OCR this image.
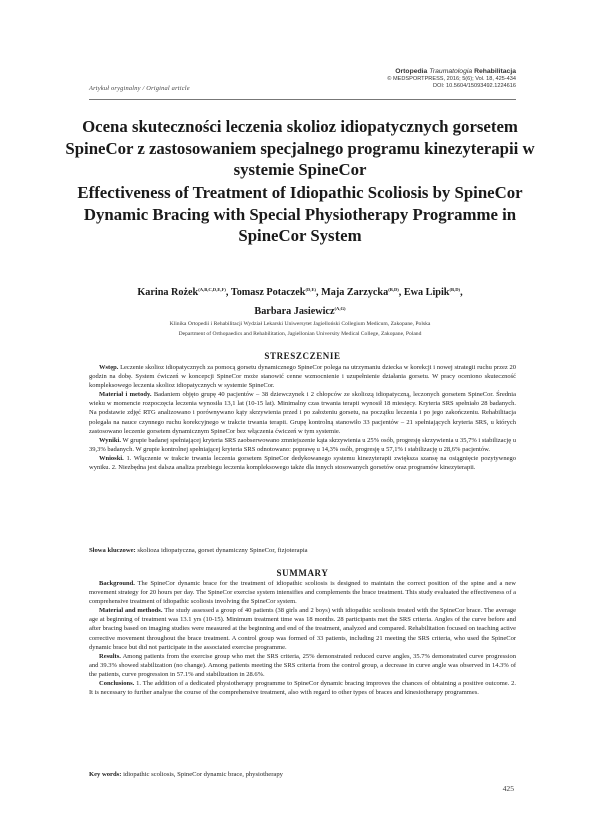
Artykuł oryginalny / Original article
Ortopedia Traumatologia Rehabilitacja
© MEDSPORTPRESS, 2016; 5(6); Vol. 18, 425-434
DOI: 10.5604/15093492.1224616
Ocena skuteczności leczenia skolioz idiopatycznych gorsetem SpineCor z zastosowaniem specjalnego programu kinezyterapii w systemie SpineCor
Effectiveness of Treatment of Idiopathic Scoliosis by SpineCor Dynamic Bracing with Special Physiotherapy Programme in SpineCor System
Karina Rożek$^{(A,B,C,D,E,F)}$, Tomasz Potaczek$^{(D,E)}$, Maja Zarzycka$^{(B,D)}$, Ewa Lipik$^{(B,D)}$,
Barbara Jasiewicz$^{(A,G)}$
Klinika Ortopedii i Rehabilitacji Wydział Lekarski Uniwersytet Jagielloński Collegium Medicum, Zakopane, Polska
Department of Orthopaedics and Rehabilitation, Jagiellonian University Medical College, Zakopane, Poland
STRESZCZENIE

Wstęp. Leczenie skolioz idiopatycznych za pomocą gorsetu dynamicznego SpineCor polega na utrzymaniu dziecka w korekcji i nowej strategii ruchu przez 20 godzin na dobę. System ćwiczeń w koncepcji SpineCor może stanowić cenne wzmocnienie i uzupełnienie działania gorsetu. W pracy oceniono skuteczność kompleksowego leczenia skolioz idiopatycznych w systemie SpineCor.

Materiał i metody. Badaniem objęto grupę 40 pacjentów – 38 dziewczynek i 2 chłopców ze skoliozą idiopatyczną, leczonych gorsetem SpineCor. Średnia wieku w momencie rozpoczęcia leczenia wynosiła 13,1 lat (10-15 lat). Minimalny czas trwania terapii wynosił 18 miesięcy. Kryteria SRS spełniało 28 badanych. Na podstawie zdjęć RTG analizowano i porównywano kąty skrzywienia przed i po założeniu gorsetu, na początku leczenia i po jego zakończeniu. Rehabilitacja polegała na nauce czynnego ruchu korekcyjnego w trakcie trwania terapii. Grupę kontrolną stanowiło 33 pacjentów – 21 spełniających kryteria SRS, u których zastosowano leczenie gorsetem dynamicznym SpineCor bez włączenia ćwiczeń w tym systemie.

Wyniki. W grupie badanej spełniającej kryteria SRS zaobserwowano zmniejszenie kąta skrzywienia u 25% osób, progresję skrzywienia u 35,7% i stabilizację u 39,3% badanych. W grupie kontrolnej spełniającej kryteria SRS odnotowano: poprawę u 14,3% osób, progresję u 57,1% i stabilizację u 28,6% pacjentów.

Wnioski. 1. Włączenie w trakcie trwania leczenia gorsetem SpineCor dedykowanego systemu kinezyterapii zwiększa szansę na osiągnięcie pozytywnego wyniku. 2. Niezbędna jest dalsza analiza przebiegu leczenia kompleksowego także dla innych stosowanych gorsetów oraz programów kinezyterapii.

Słowa kluczowe: skolioza idiopatyczna, gorset dynamiczny SpineCor, fizjoterapia
SUMMARY

Background. The SpineCor dynamic brace for the treatment of idiopathic scoliosis is designed to maintain the correct position of the spine and a new movement strategy for 20 hours per day. The SpineCor exercise system intensifies and complements the brace treatment. This study evaluated the effectiveness of a comprehensive treatment of idiopathic scoliosis involving the SpineCor system.

Material and methods. The study assessed a group of 40 patients (38 girls and 2 boys) with idiopathic scoliosis treated with the SpineCor brace. The average age at beginning of treatment was 13.1 yrs (10-15). Minimum treatment time was 18 months. 28 participants met the SRS criteria. Angles of the curve before and after bracing based on imaging studies were measured at the beginning and end of the treatment, analyzed and compared. Rehabilitation focused on teaching active corrective movement throughout the brace treatment. A control group was formed of 33 patients, including 21 meeting the SRS criteria, who used the SpineCor dynamic brace but did not participate in the associated exercise programme.

Results. Among patients from the exercise group who met the SRS criteria, 25% demonstrated reduced curve angles, 35.7% demonstrated curve progression and 39.3% showed stabilization (no change). Among patients meeting the SRS criteria from the control group, a decrease in curve angle was observed in 14.3% of the patients, curve progression in 57.1% and stabilization in 28.6%.

Conclusions. 1. The addition of a dedicated physiotherapy programme to SpineCor dynamic bracing improves the chances of obtaining a positive outcome. 2. It is necessary to further analyse the course of the comprehensive treatment, also with regard to other types of braces and kinesiotherapy programmes.

Key words: idiopathic scoliosis, SpineCor dynamic brace, physiotherapy
425
